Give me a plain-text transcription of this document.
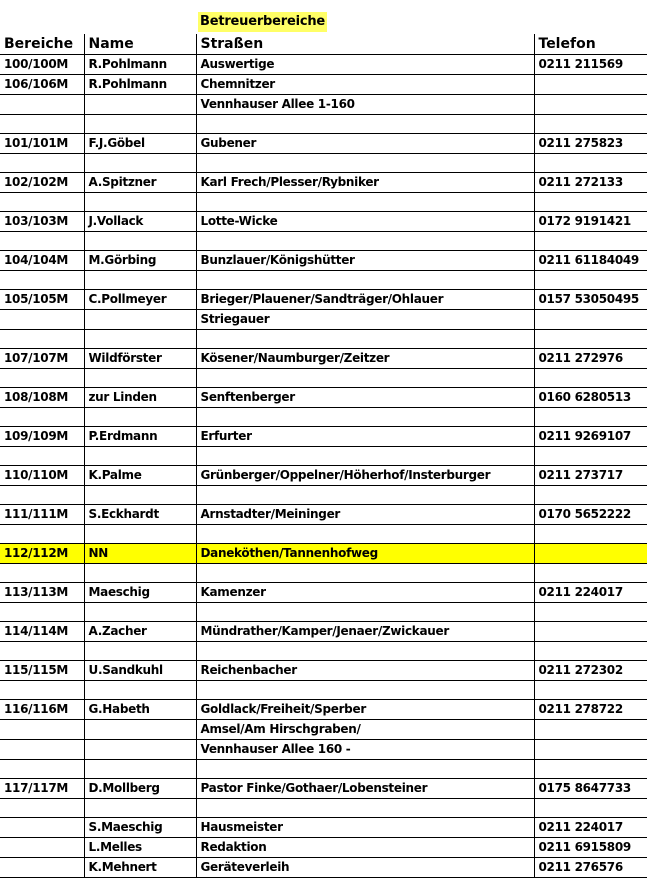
Betreuerbereiche
Bereiche	Name	Straßen	Telefon
100/100M	R.Pohlmann	Auswertige	0211 211569
106/106M	R.Pohlmann	Chemnitzer	
		Vennhauser Allee 1-160	

101/101M	F.J.Göbel	Gubener	0211 275823

102/102M	A.Spitzner	Karl Frech/Plesser/Rybniker	0211 272133

103/103M	J.Vollack	Lotte-Wicke	0172 9191421

104/104M	M.Görbing	Bunzlauer/Königshütter	0211 61184049

105/105M	C.Pollmeyer	Brieger/Plauener/Sandträger/Ohlauer	0157 53050495
		Striegauer	

107/107M	Wildförster	Kösener/Naumburger/Zeitzer	0211 272976

108/108M	zur Linden	Senftenberger	0160 6280513

109/109M	P.Erdmann	Erfurter	0211 9269107

110/110M	K.Palme	Grünberger/Oppelner/Höherhof/Insterburger	0211 273717

111/111M	S.Eckhardt	Arnstadter/Meininger	0170 5652222

112/112M	NN	Daneköthen/Tannenhofweg	

113/113M	Maeschig	Kamenzer	0211 224017

114/114M	A.Zacher	Mündrather/Kamper/Jenaer/Zwickauer	

115/115M	U.Sandkuhl	Reichenbacher	0211 272302

116/116M	G.Habeth	Goldlack/Freiheit/Sperber	0211 278722
		Amsel/Am Hirschgraben/	
		Vennhauser Allee 160 -	

117/117M	D.Mollberg	Pastor Finke/Gothaer/Lobensteiner	0175 8647733

	S.Maeschig	Hausmeister	0211 224017
	L.Melles	Redaktion	0211 6915809
	K.Mehnert	Geräteverleih	0211 276576
